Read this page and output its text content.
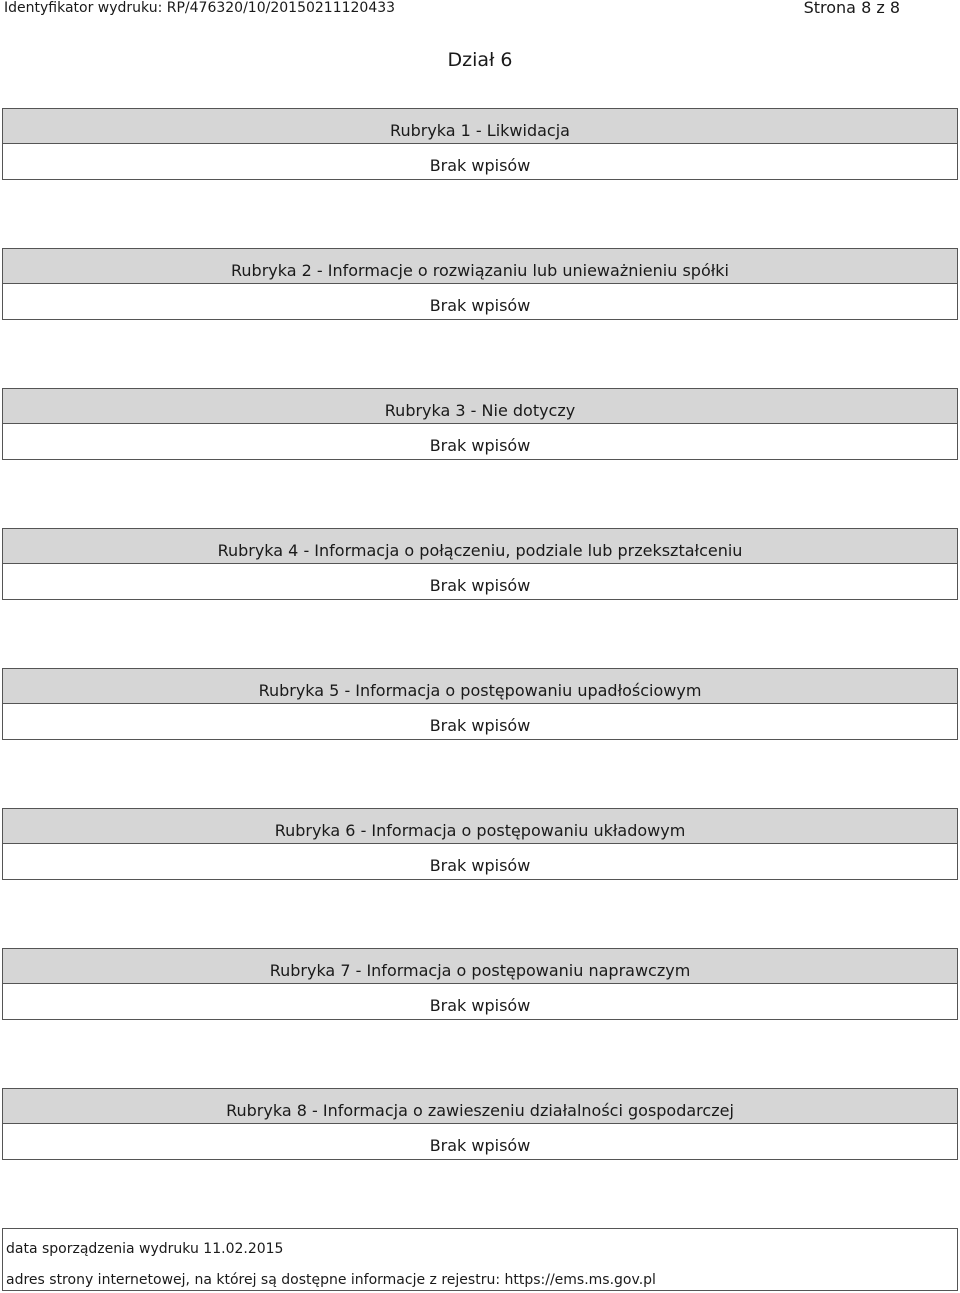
Identyfikator wydruku: RP/476320/10/20150211120433	Strona 8 z 8
Dział 6
Rubryka 1 - Likwidacja
Brak wpisów
Rubryka 2 - Informacje o rozwiązaniu lub unieważnieniu spółki
Brak wpisów
Rubryka 3 - Nie dotyczy
Brak wpisów
Rubryka 4 - Informacja o połączeniu, podziale lub przekształceniu
Brak wpisów
Rubryka 5 - Informacja o postępowaniu upadłościowym
Brak wpisów
Rubryka 6 - Informacja o postępowaniu układowym
Brak wpisów
Rubryka 7 - Informacja o postępowaniu naprawczym
Brak wpisów
Rubryka 8 - Informacja o zawieszeniu działalności gospodarczej
Brak wpisów
data sporządzenia wydruku 11.02.2015
adres strony internetowej, na której są dostępne informacje z rejestru: https://ems.ms.gov.pl
